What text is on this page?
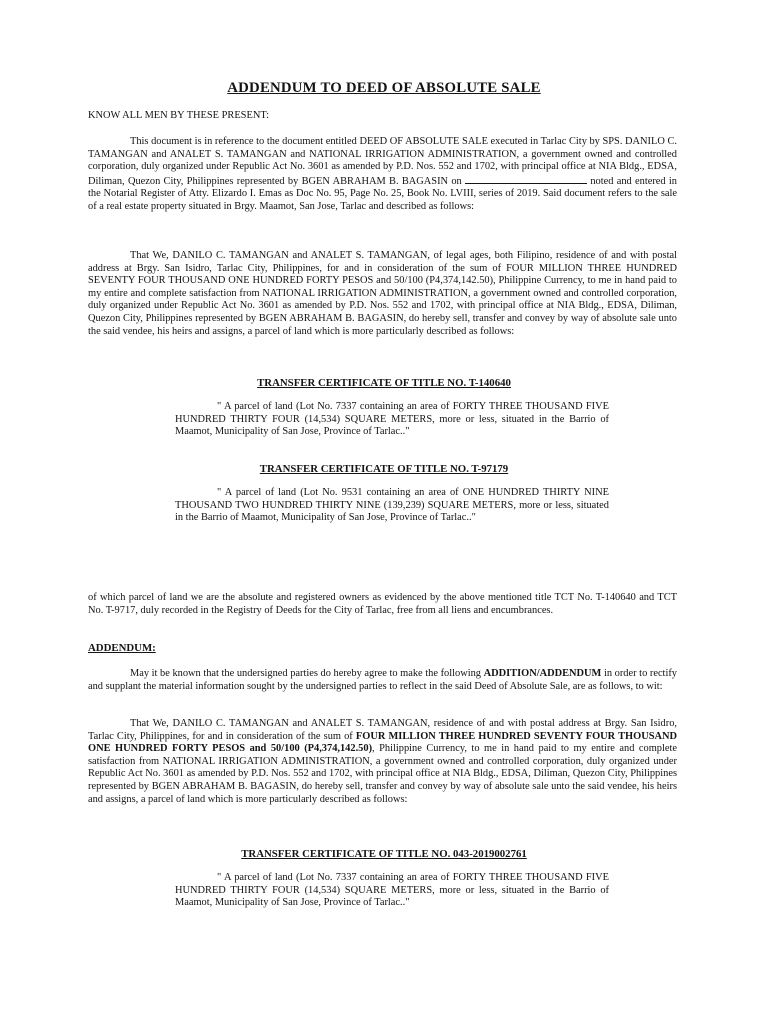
ADDENDUM TO DEED OF ABSOLUTE SALE

KNOW ALL MEN BY THESE PRESENT:

This document is in reference to the document entitled DEED OF ABSOLUTE SALE executed in Tarlac City by SPS. DANILO C. TAMANGAN and ANALET S. TAMANGAN and NATIONAL IRRIGATION ADMINISTRATION, a government owned and controlled corporation, duly organized under Republic Act No. 3601 as amended by P.D. Nos. 552 and 1702, with principal office at NIA Bldg., EDSA, Diliman, Quezon City, Philippines represented by BGEN ABRAHAM B. BAGASIN on	noted and entered in the Notarial Register of Atty. Elizardo I. Emas as Doc No. 95, Page No. 25, Book No. LVIII, series of 2019. Said document refers to the sale of a real estate property situated in Brgy. Maamot, San Jose, Tarlac and described as follows:

That We, DANILO C. TAMANGAN and ANALET S. TAMANGAN, of legal ages, both Filipino, residence of and with postal address at Brgy. San Isidro, Tarlac City, Philippines, for and in consideration of the sum of FOUR MILLION THREE HUNDRED SEVENTY FOUR THOUSAND ONE HUNDRED FORTY PESOS and 50/100 (P4,374,142.50), Philippine Currency, to me in hand paid to my entire and complete satisfaction from NATIONAL IRRIGATION ADMINISTRATION, a government owned and controlled corporation, duly organized under Republic Act No. 3601 as amended by P.D. Nos. 552 and 1702, with principal office at NIA Bldg., EDSA, Diliman, Quezon City, Philippines represented by BGEN ABRAHAM B. BAGASIN, do hereby sell, transfer and convey by way of absolute sale unto the said vendee, his heirs and assigns, a parcel of land which is more particularly described as follows:

TRANSFER CERTIFICATE OF TITLE NO. T-140640

" A parcel of land (Lot No. 7337 containing an area of FORTY THREE THOUSAND FIVE HUNDRED THIRTY FOUR (14,534) SQUARE METERS, more or less, situated in the Barrio of Maamot, Municipality of San Jose, Province of Tarlac.."

TRANSFER CERTIFICATE OF TITLE NO. T-97179

" A parcel of land (Lot No. 9531 containing an area of ONE HUNDRED THIRTY NINE THOUSAND TWO HUNDRED THIRTY NINE (139,239) SQUARE METERS, more or less, situated in the Barrio of Maamot, Municipality of San Jose, Province of Tarlac.."

of which parcel of land we are the absolute and registered owners as evidenced by the above mentioned title TCT No. T-140640 and TCT No. T-9717, duly recorded in the Registry of Deeds for the City of Tarlac, free from all liens and encumbrances.

ADDENDUM:

May it be known that the undersigned parties do hereby agree to make the following ADDITION/ADDENDUM in order to rectify and supplant the material information sought by the undersigned parties to reflect in the said Deed of Absolute Sale, are as follows, to wit:

That We, DANILO C. TAMANGAN and ANALET S. TAMANGAN, residence of and with postal address at Brgy. San Isidro, Tarlac City, Philippines, for and in consideration of the sum of FOUR MILLION THREE HUNDRED SEVENTY FOUR THOUSAND ONE HUNDRED FORTY PESOS and 50/100 (P4,374,142.50), Philippine Currency, to me in hand paid to my entire and complete satisfaction from NATIONAL IRRIGATION ADMINISTRATION, a government owned and controlled corporation, duly organized under Republic Act No. 3601 as amended by P.D. Nos. 552 and 1702, with principal office at NIA Bldg., EDSA, Diliman, Quezon City, Philippines represented by BGEN ABRAHAM B. BAGASIN, do hereby sell, transfer and convey by way of absolute sale unto the said vendee, his heirs and assigns, a parcel of land which is more particularly described as follows:

TRANSFER CERTIFICATE OF TITLE NO. 043-2019002761

" A parcel of land (Lot No. 7337 containing an area of FORTY THREE THOUSAND FIVE HUNDRED THIRTY FOUR (14,534) SQUARE METERS, more or less, situated in the Barrio of Maamot, Municipality of San Jose, Province of Tarlac.."
